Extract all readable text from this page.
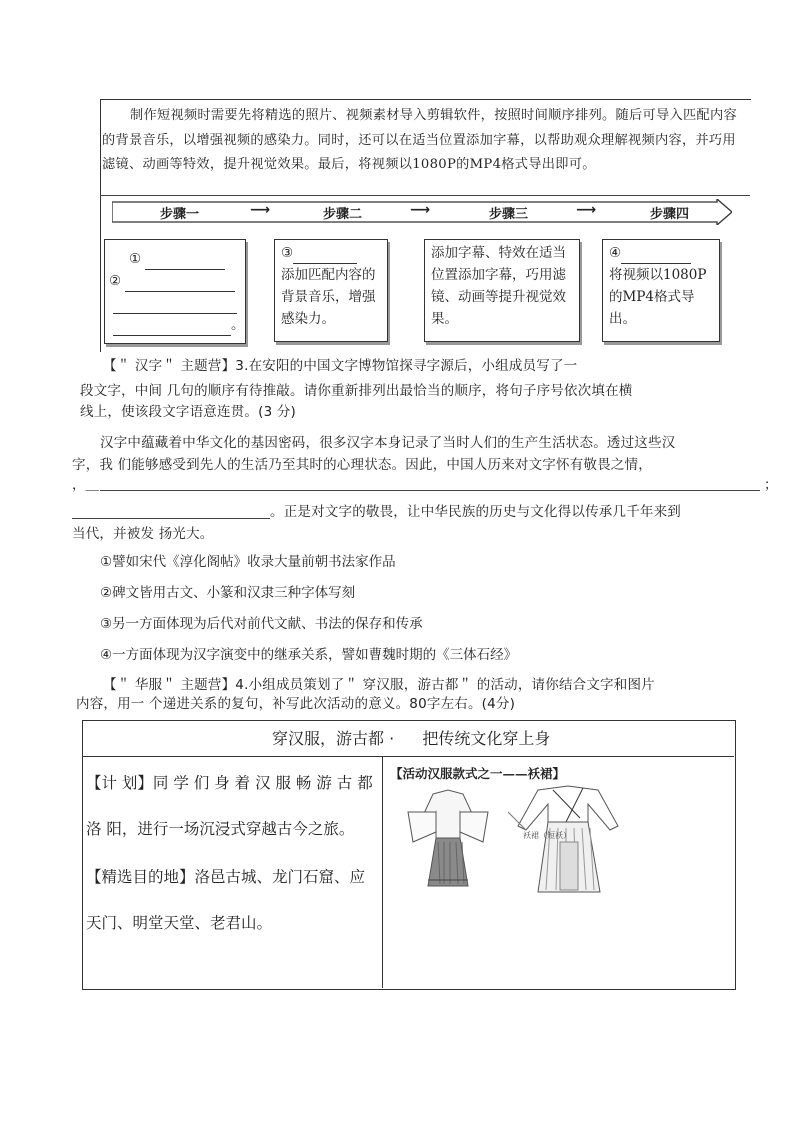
制作短视频时需要先将精选的照片、视频素材导入剪辑软件，按照时间顺序排列。随后可导入匹配内容的背景音乐，以增强视频的感染力。同时，还可以在适当位置添加字幕，以帮助观众理解视频内容，并巧用滤镜、动画等特效，提升视觉效果。最后，将视频以1080P的MP4格式导出即可。
步骤一	⟶	步骤二	⟶	步骤三	⟶	步骤四
①
②
。
③
添加匹配内容的背景音乐，增强感染力。
添加字幕、特效在适当位置添加字幕，巧用滤镜、动画等提升视觉效果。
④
将视频以1080P的MP4格式导出。
【＂ 汉字＂ 主题营】3.在安阳的中国文字博物馆探寻字源后，小组成员写了一
段文字，中间 几句的顺序有待推敲。请你重新排列出最恰当的顺序，将句子序号依次填在横
线上，使该段文字语意连贯。(3 分)
汉字中蕴藏着中华文化的基因密码，很多汉字本身记录了当时人们的生产生活状态。透过这些汉
字，我 们能够感受到先人的生活乃至其时的心理状态。因此，中国人历来对文字怀有敬畏之情，
，＿	；
。正是对文字的敬畏，让中华民族的历史与文化得以传承几千年来到
当代，并被发 扬光大。
①譬如宋代《淳化阁帖》收录大量前朝书法家作品
②碑文皆用古文、小篆和汉隶三种字体写刻
③另一方面体现为后代对前代文献、书法的保存和传承
④一方面体现为汉字演变中的继承关系，譬如曹魏时期的《三体石经》
【＂ 华服＂ 主题营】4.小组成员策划了＂ 穿汉服，游古都＂ 的活动，请你结合文字和图片
内容，用一 个递进关系的复句，补写此次活动的意义。80字左右。(4分)
穿汉服，游古都 · 把传统文化穿上身
【计 划】同 学 们 身 着 汉 服 畅 游 古 都 洛 阳，进行一场沉浸式穿越古今之旅。
【精选目的地】洛邑古城、龙门石窟、应天门、明堂天堂、老君山。
【活动汉服款式之一——袄裙】
袄裙（短袄）
